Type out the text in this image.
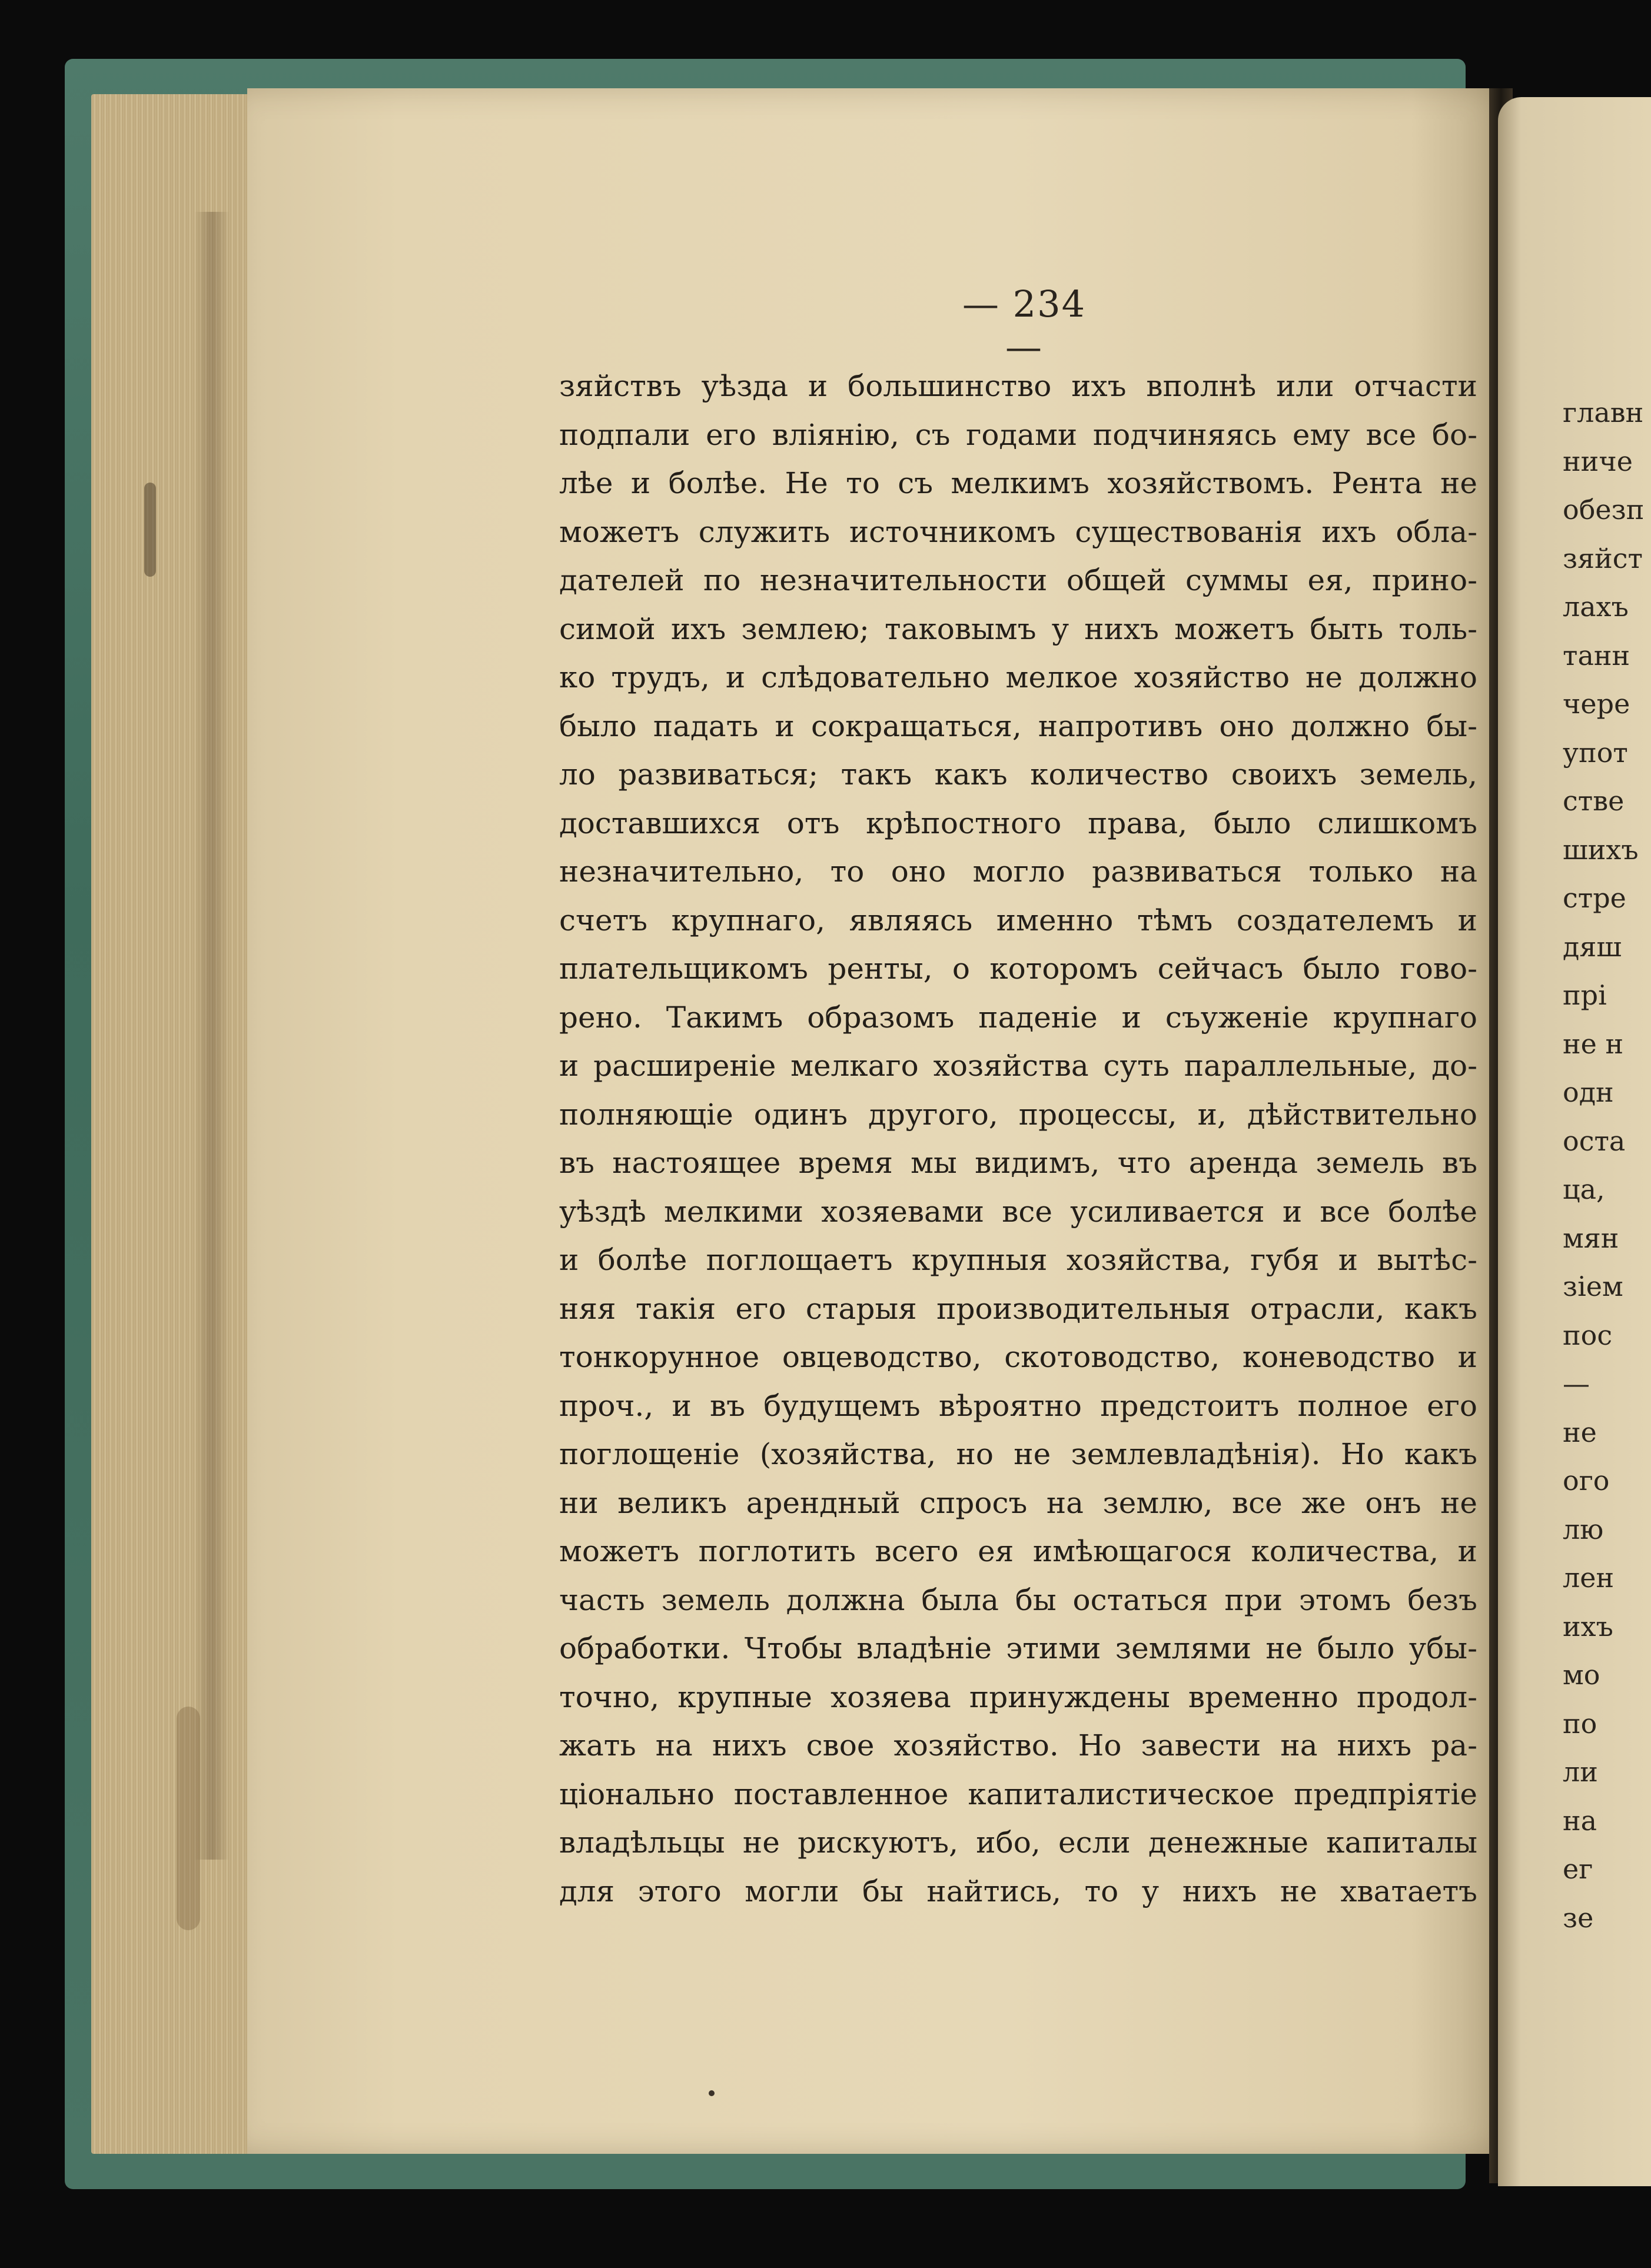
— 234 —
зяйствъ уѣзда и большинство ихъ вполнѣ или отчасти
подпали его вліянію, съ годами подчиняясь ему все бо-
лѣе и болѣе. Не то съ мелкимъ хозяйствомъ. Рента не
можетъ служить источникомъ существованія ихъ обла-
дателей по незначительности общей суммы ея, прино-
симой ихъ землею; таковымъ у нихъ можетъ быть толь-
ко трудъ, и слѣдовательно мелкое хозяйство не должно
было падать и сокращаться, напротивъ оно должно бы-
ло развиваться; такъ какъ количество своихъ земель,
доставшихся отъ крѣпостного права, было слишкомъ
незначительно, то оно могло развиваться только на
счетъ крупнаго, являясь именно тѣмъ создателемъ и
плательщикомъ ренты, о которомъ сейчасъ было гово-
рено. Такимъ образомъ паденіе и съуженіе крупнаго
и расширеніе мелкаго хозяйства суть параллельные, до-
полняющіе одинъ другого, процессы, и, дѣйствительно
въ настоящее время мы видимъ, что аренда земель въ
уѣздѣ мелкими хозяевами все усиливается и все болѣе
и болѣе поглощаетъ крупныя хозяйства, губя и вытѣс-
няя такія его старыя производительныя отрасли, какъ
тонкорунное овцеводство, скотоводство, коневодство и
проч., и въ будущемъ вѣроятно предстоитъ полное его
поглощеніе (хозяйства, но не землевладѣнія). Но какъ
ни великъ арендный спросъ на землю, все же онъ не
можетъ поглотить всего ея имѣющагося количества, и
часть земель должна была бы остаться при этомъ безъ
обработки. Чтобы владѣніе этими землями не было убы-
точно, крупные хозяева принуждены временно продол-
жать на нихъ свое хозяйство. Но завести на нихъ ра-
ціонально поставленное капиталистическое предпріятіе
владѣльцы не рискуютъ, ибо, если денежные капиталы
для этого могли бы найтись, то у нихъ не хватаетъ
главн
ниче
обезп
зяйст
лахъ
танн
чере
упот
стве
шихъ
стре
дяш
прі
не н
одн
оста
ца,
мян
зіем
пос
—
не
ого
лю
лен
ихъ
мо
по
ли
на
ег
зе
